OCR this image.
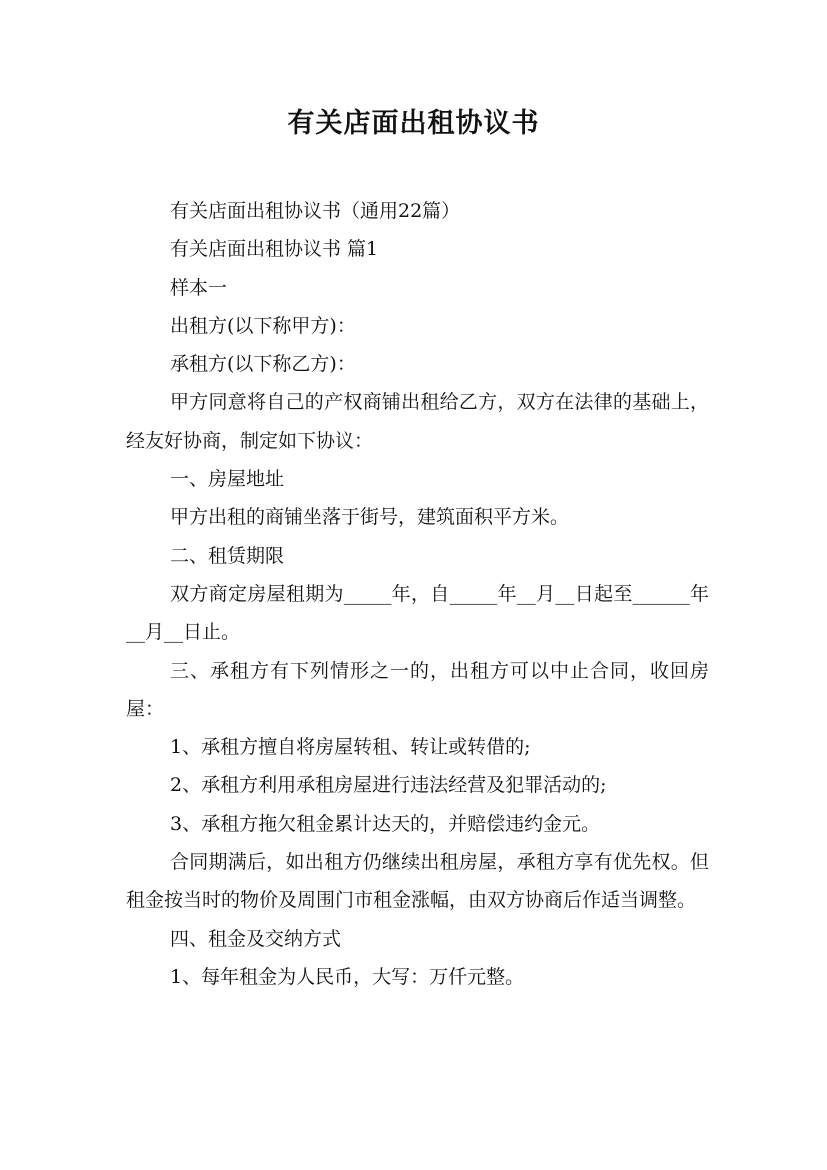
有关店面出租协议书

有关店面出租协议书（通用22篇）

有关店面出租协议书 篇1

样本一

出租方(以下称甲方)：

承租方(以下称乙方)：

甲方同意将自己的产权商铺出租给乙方，双方在法律的基础上，经友好协商，制定如下协议：

一、房屋地址

甲方出租的商铺坐落于街号，建筑面积平方米。

二、租赁期限

双方商定房屋租期为_____年，自_____年__月__日起至______年__月__日止。

三、承租方有下列情形之一的，出租方可以中止合同，收回房屋：

1、承租方擅自将房屋转租、转让或转借的;

2、承租方利用承租房屋进行违法经营及犯罪活动的;

3、承租方拖欠租金累计达天的，并赔偿违约金元。

合同期满后，如出租方仍继续出租房屋，承租方享有优先权。但租金按当时的物价及周围门市租金涨幅，由双方协商后作适当调整。

四、租金及交纳方式

1、每年租金为人民币，大写：万仟元整。
